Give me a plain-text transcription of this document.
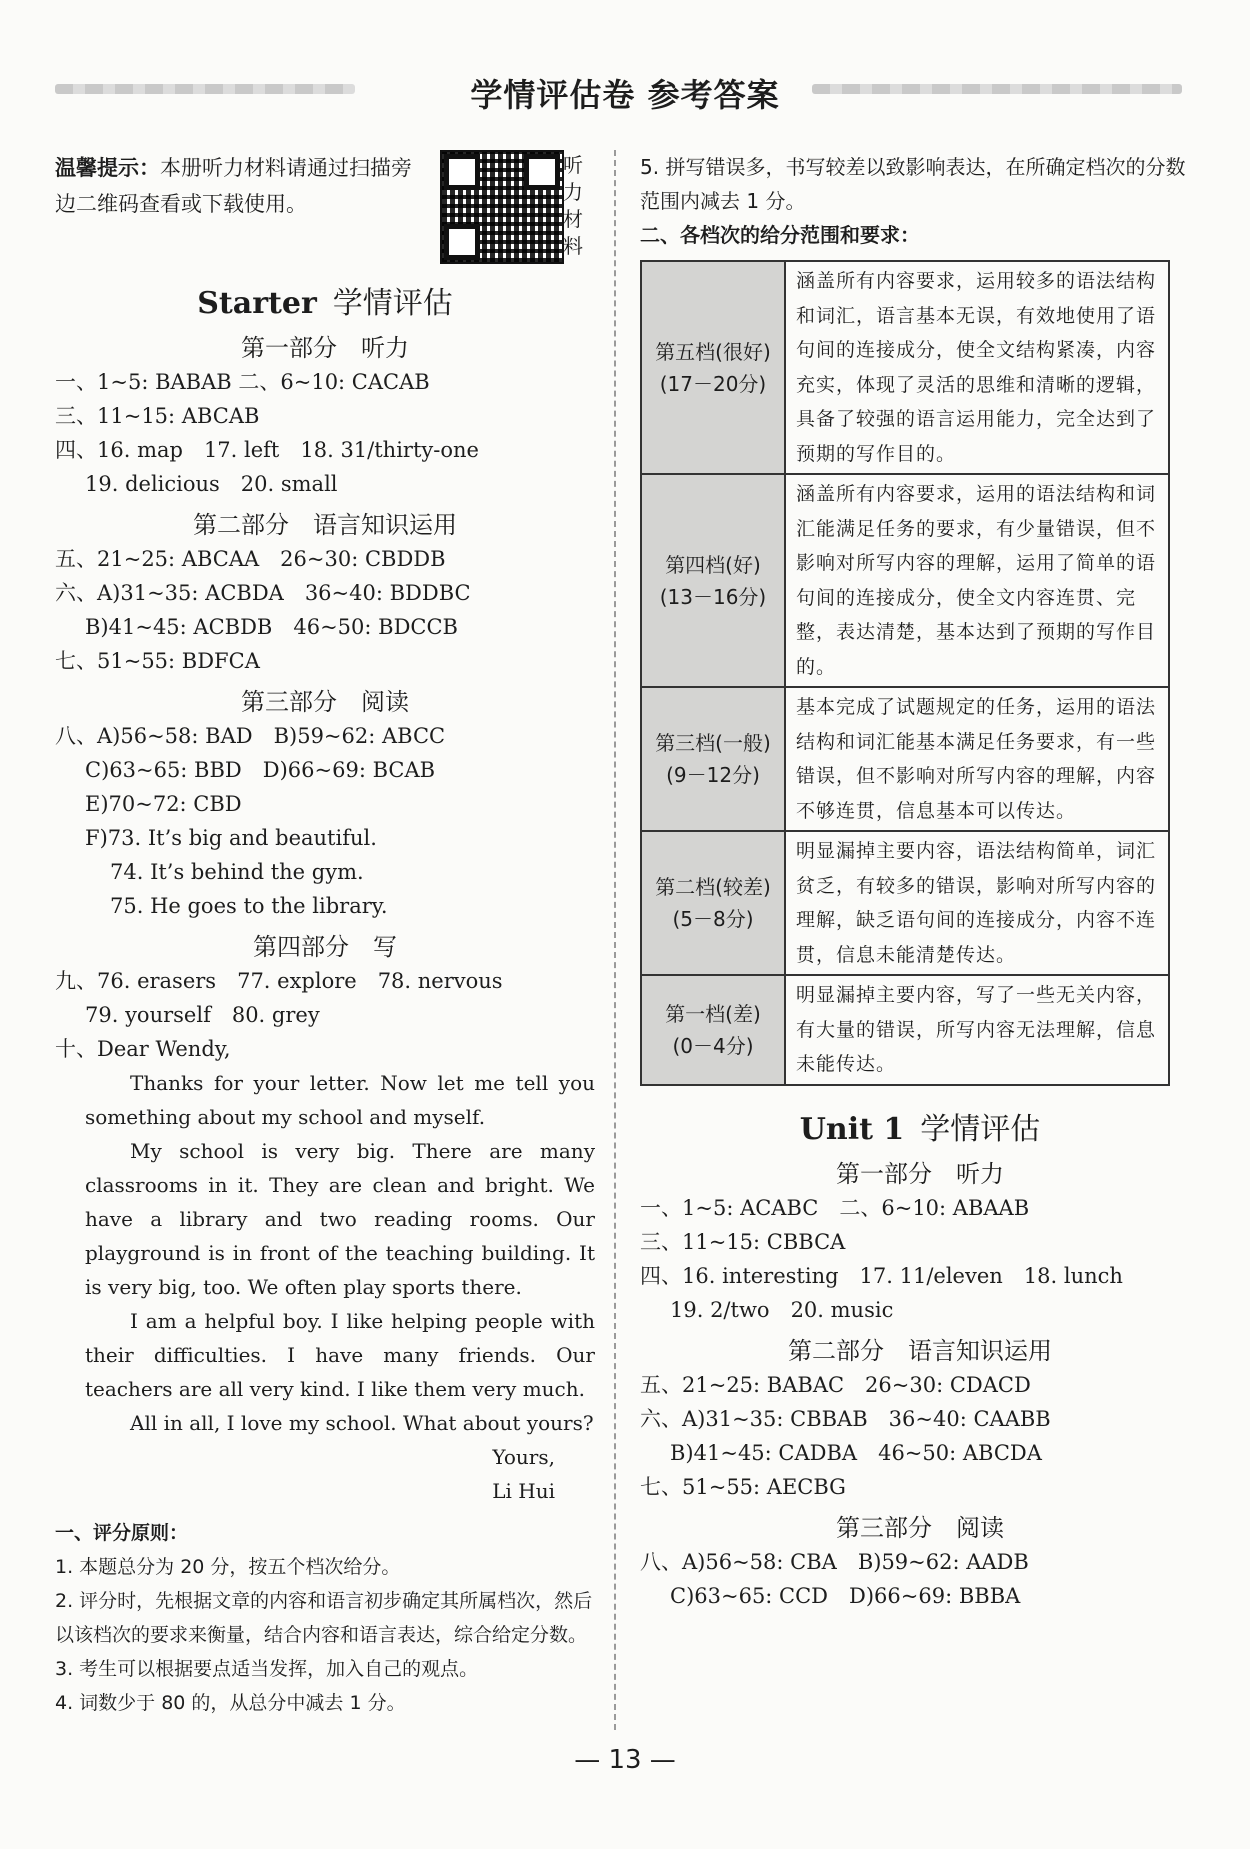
学情评估卷 参考答案
温馨提示：本册听力材料请通过扫描旁边二维码查看或下载使用。
听力材料
Starter 学情评估
第一部分　听力
一、1~5: BABAB 二、6~10: CACAB
三、11~15: ABCAB
四、16. map　17. left　18. 31/thirty-one
19. delicious　20. small
第二部分　语言知识运用
五、21~25: ABCAA　26~30: CBDDB
六、A)31~35: ACBDA　36~40: BDDBC
B)41~45: ACBDB　46~50: BDCCB
七、51~55: BDFCA
第三部分　阅读
八、A)56~58: BAD　B)59~62: ABCC
C)63~65: BBD　D)66~69: BCAB
E)70~72: CBD
F)73. It’s big and beautiful.
74. It’s behind the gym.
75. He goes to the library.
第四部分　写
九、76. erasers　77. explore　78. nervous
79. yourself　80. grey
十、Dear Wendy,

Thanks for your letter. Now let me tell you something about my school and myself.

My school is very big. There are many classrooms in it. They are clean and bright. We have a library and two reading rooms. Our playground is in front of the teaching building. It is very big, too. We often play sports there.

I am a helpful boy. I like helping people with their difficulties. I have many friends. Our teachers are all very kind. I like them very much.

All in all, I love my school. What about yours?

Yours,

Li Hui

一、评分原则：
1. 本题总分为 20 分，按五个档次给分。
2. 评分时，先根据文章的内容和语言初步确定其所属档次，然后以该档次的要求来衡量，结合内容和语言表达，综合给定分数。
3. 考生可以根据要点适当发挥，加入自己的观点。
4. 词数少于 80 的，从总分中减去 1 分。
5. 拼写错误多，书写较差以致影响表达，在所确定档次的分数范围内减去 1 分。
二、各档次的给分范围和要求：
第五档(很好)
(17－20分)	涵盖所有内容要求，运用较多的语法结构和词汇，语言基本无误，有效地使用了语句间的连接成分，使全文结构紧凑，内容充实，体现了灵活的思维和清晰的逻辑，具备了较强的语言运用能力，完全达到了预期的写作目的。

第四档(好)
(13－16分)	涵盖所有内容要求，运用的语法结构和词汇能满足任务的要求，有少量错误，但不影响对所写内容的理解，运用了简单的语句间的连接成分，使全文内容连贯、完整，表达清楚，基本达到了预期的写作目的。

第三档(一般)
(9－12分)	基本完成了试题规定的任务，运用的语法结构和词汇能基本满足任务要求，有一些错误，但不影响对所写内容的理解，内容不够连贯，信息基本可以传达。

第二档(较差)
(5－8分)	明显漏掉主要内容，语法结构简单，词汇贫乏，有较多的错误，影响对所写内容的理解，缺乏语句间的连接成分，内容不连贯，信息未能清楚传达。

第一档(差)
(0－4分)	明显漏掉主要内容，写了一些无关内容，有大量的错误，所写内容无法理解，信息未能传达。
Unit 1 学情评估
第一部分　听力
一、1~5: ACABC　二、6~10: ABAAB
三、11~15: CBBCA
四、16. interesting　17. 11/eleven　18. lunch
19. 2/two　20. music
第二部分　语言知识运用
五、21~25: BABAC　26~30: CDACD
六、A)31~35: CBBAB　36~40: CAABB
B)41~45: CADBA　46~50: ABCDA
七、51~55: AECBG
第三部分　阅读
八、A)56~58: CBA　B)59~62: AADB
C)63~65: CCD　D)66~69: BBBA
— 13 —
